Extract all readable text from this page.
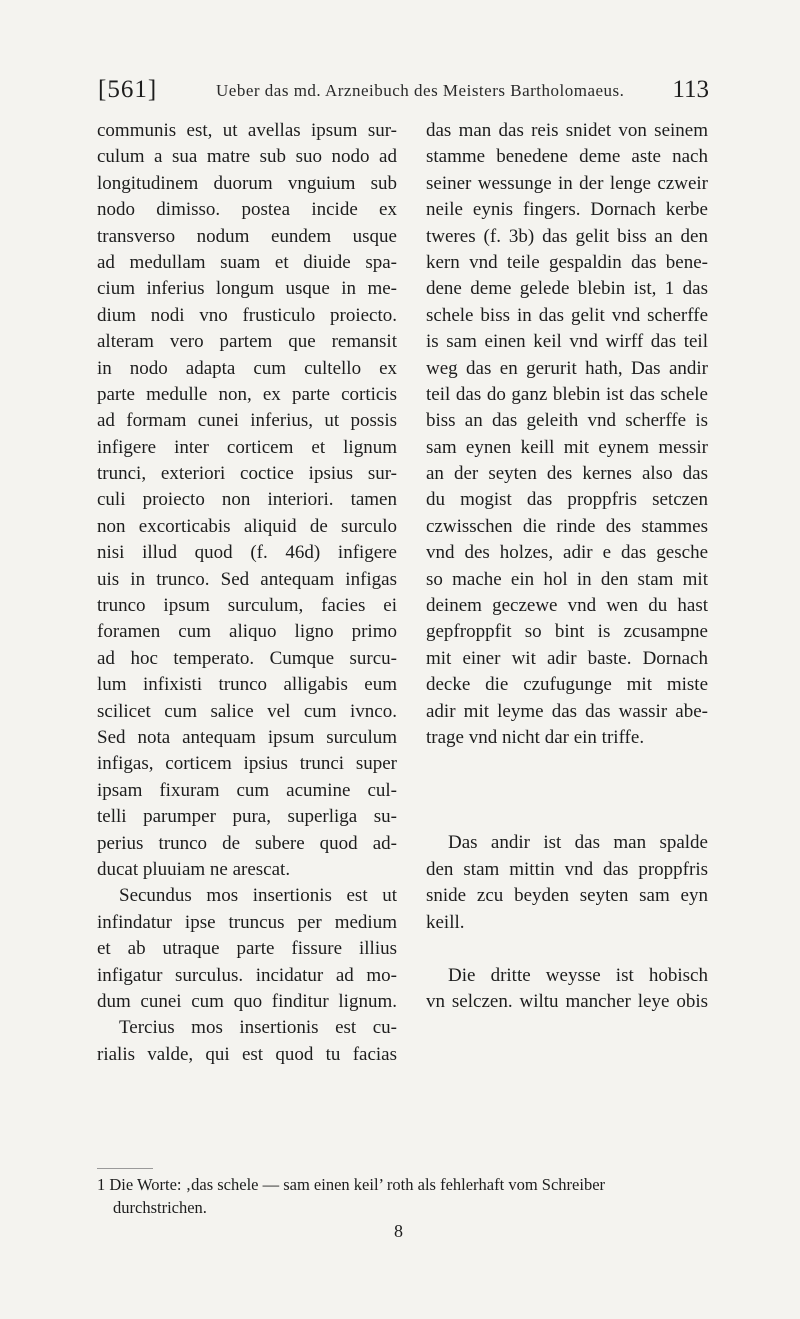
[561]	Ueber das md. Arzneibuch des Meisters Bartholomaeus. 113
communis est, ut avellas ipsum sur-
culum a sua matre sub suo nodo ad
longitudinem duorum vnguium sub
nodo dimisso. postea incide ex
transverso nodum eundem usque
ad medullam suam et diuide spa-
cium inferius longum usque in me-
dium nodi vno frusticulo proiecto.
alteram vero partem que remansit
in nodo adapta cum cultello ex
parte medulle non, ex parte corticis
ad formam cunei inferius, ut possis
infigere inter corticem et lignum
trunci, exteriori coctice ipsius sur-
culi proiecto non interiori. tamen
non excorticabis aliquid de surculo
nisi illud quod (f. 46d) infigere
uis in trunco. Sed antequam infigas
trunco ipsum surculum, facies ei
foramen cum aliquo ligno primo
ad hoc temperato. Cumque surcu-
lum infixisti trunco alligabis eum
scilicet cum salice vel cum ivnco.
Sed nota antequam ipsum surculum
infigas, corticem ipsius trunci super
ipsam fixuram cum acumine cul-
telli parumper pura, superliga su-
perius trunco de subere quod ad-
ducat pluuiam ne arescat.
Secundus mos insertionis est ut
infindatur ipse truncus per medium
et ab utraque parte fissure illius
infigatur surculus. incidatur ad mo-
dum cunei cum quo finditur lignum.
Tercius mos insertionis est cu-
rialis valde, qui est quod tu facias
das man das reis snidet von seinem
stamme benedene deme aste nach
seiner wessunge in der lenge czweir
neile eynis fingers. Dornach kerbe
tweres (f. 3b) das gelit biss an den
kern vnd teile gespaldin das bene-
dene deme gelede blebin ist, 1 das
schele biss in das gelit vnd scherffe
is sam einen keil vnd wirff das teil
weg das en gerurit hath, Das andir
teil das do ganz blebin ist das schele
biss an das geleith vnd scherffe is
sam eynen keill mit eynem messir
an der seyten des kernes also das
du mogist das proppfris setczen
czwisschen die rinde des stammes
vnd des holzes, adir e das gesche
so mache ein hol in den stam mit
deinem geczewe vnd wen du hast
gepfroppfit so bint is zcusampne
mit einer wit adir baste. Dornach
decke die czufugunge mit miste
adir mit leyme das das wassir abe-
trage vnd nicht dar ein triffe.
Das andir ist das man spalde
den stam mittin vnd das proppfris
snide zcu beyden seyten sam eyn
keill.
Die dritte weysse ist hobisch
vn selczen. wiltu mancher leye obis
1 Die Worte: ‚das schele — sam einen keil’ roth als fehlerhaft vom Schreiber
durchstrichen.
8
